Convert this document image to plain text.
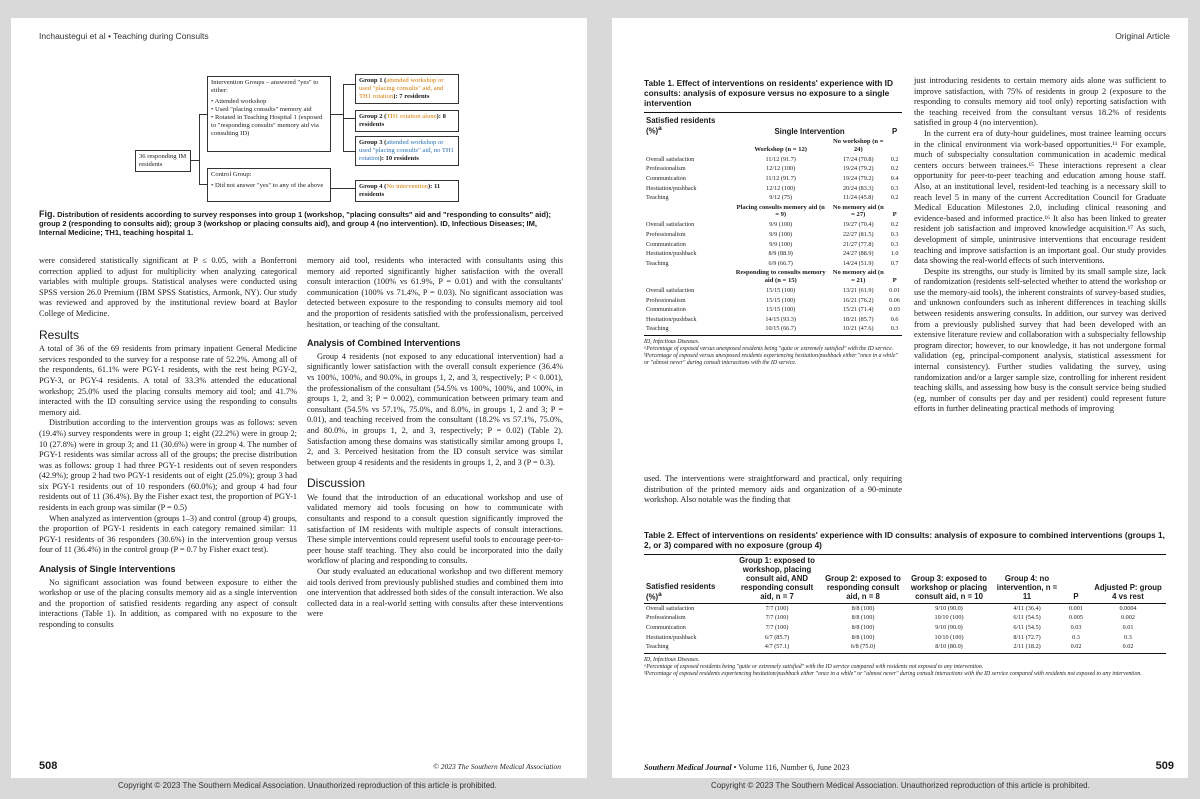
Inchaustegui et al • Teaching during Consults
36 responding IM residents
Intervention Groups – answered "yes" to either:
• Attended workshop
• Used "placing consults" memory aid
• Rotated in Teaching Hospital 1 (exposed to "responding consults" memory aid via consulting ID)
Control Group:
• Did not answer "yes" to any of the above
Group 1 (attended workshop or used "placing consults" aid, and TH1 rotation): 7 residents
Group 2 (TH1 rotation alone): 8 residents
Group 3 (attended workshop or used "placing consults" aid, no TH1 rotation): 10 residents
Group 4 (No intervention): 11 residents
Fig. Distribution of residents according to survey responses into group 1 (workshop, "placing consults" aid and "responding to consults" aid); group 2 (responding to consults aid); group 3 (workshop or placing consults aid), and group 4 (no intervention). ID, Infectious Diseases; IM, Internal Medicine; TH1, teaching hospital 1.

were considered statistically significant at P ≤ 0.05, with a Bonferroni correction applied to adjust for multiplicity when analyzing categorical variables with multiple groups. Statistical analyses were conducted using SPSS version 26.0 Premium (IBM SPSS Statistics, Armonk, NY). Our study was reviewed and approved by the institutional review board at Baylor College of Medicine.

Results

A total of 36 of the 69 residents from primary inpatient General Medicine services responded to the survey for a response rate of 52.2%. Among all of the respondents, 61.1% were PGY-1 residents, with the rest being PGY-2, PGY-3, or PGY-4 residents. A total of 33.3% attended the educational workshop; 25.0% used the placing consults memory aid tool; and 41.7% interacted with the ID consulting service using the responding to consults memory aid.

Distribution according to the intervention groups was as follows: seven (19.4%) survey respondents were in group 1; eight (22.2%) were in group 2; 10 (27.8%) were in group 3; and 11 (30.6%) were in group 4. The number of PGY-1 residents was similar across all of the groups; the precise distribution was as follows: group 1 had three PGY-1 residents out of seven responders (42.9%); group 2 had two PGY-1 residents out of eight (25.0%); group 3 had six PGY-1 residents out of 10 responders (60.0%); and group 4 had four residents out of 11 (36.4%). By the Fisher exact test, the proportion of PGY-1 residents in each group was similar (P = 0.5)

When analyzed as intervention (groups 1–3) and control (group 4) groups, the proportion of PGY-1 residents in each category remained similar: 11 PGY-1 residents of 36 responders (30.6%) in the intervention group versus four of 11 (36.4%) in the control group (P = 0.7 by Fisher exact test).

Analysis of Single Interventions

No significant association was found between exposure to either the workshop or use of the placing consults memory aid as a single intervention and the proportion of satisfied residents regarding any aspect of consult interactions (Table 1). In addition, as compared with no exposure to the responding to consults

memory aid tool, residents who interacted with consultants using this memory aid reported significantly higher satisfaction with the overall consult interaction (100% vs 61.9%, P = 0.01) and with the consultants' communication (100% vs 71.4%, P = 0.03). No significant association was detected between exposure to the responding to consults memory aid tool and the proportion of residents satisfied with the professionalism, perceived hesitation, or teaching of the consultant.

Analysis of Combined Interventions

Group 4 residents (not exposed to any educational intervention) had a significantly lower satisfaction with the overall consult experience (36.4% vs 100%, 100%, and 90.0%, in groups 1, 2, and 3, respectively; P < 0.001), the professionalism of the consultant (54.5% vs 100%, 100%, and 100%, in groups 1, 2, and 3; P = 0.002), communication between primary team and consultant (54.5% vs 57.1%, 75.0%, and 8.0%, in groups 1, 2 and 3; P = 0.01), and teaching received from the consultant (18.2% vs 57.1%, 75.0%, and 80.0%, in groups 1, 2, and 3, respectively; P = 0.02) (Table 2). Satisfaction among these domains was statistically similar among groups 1, 2, and 3. Perceived hesitation from the ID consult service was similar between group 4 residents and the residents in groups 1, 2, and 3 (P = 0.3).

Discussion

We found that the introduction of an educational workshop and use of validated memory aid tools focusing on how to communicate with consultants and respond to a consult question significantly improved the satisfaction of IM residents with multiple aspects of consult interactions. These simple interventions could represent useful tools to encourage peer-to-peer house staff teaching. They also could be incorporated into the daily workflow of placing and responding to consults.

Our study evaluated an educational workshop and two different memory aid tools derived from previously published studies and combined them into one intervention that addressed both sides of the consult interaction. We also collected data in a real-world setting with consults after these interventions were

508	© 2023 The Southern Medical Association
Copyright © 2023 The Southern Medical Association. Unauthorized reproduction of this article is prohibited.
Original Article
Table 1. Effect of interventions on residents' experience with ID consults: analysis of exposure versus no exposure to a single intervention
Satisfied residents (%)$^a$	Single Intervention		P
	Workshop (n = 12)	No workshop (n = 24)	
Overall satisfaction	11/12 (91.7)	17/24 (70.8)	0.2
Professionalism	12/12 (100)	19/24 (79.2)	0.2
Communication	11/12 (91.7)	19/24 (79.2)	0.4
Hesitation/pushback	12/12 (100)	20/24 (83.3)	0.3
Teaching	9/12 (75)	11/24 (45.8)	0.2
	Placing consults memory aid (n = 9)	No memory aid (n = 27)	P
Overall satisfaction	9/9 (100)	19/27 (70.4)	0.2
Professionalism	9/9 (100)	22/27 (81.5)	0.3
Communication	9/9 (100)	21/27 (77.8)	0.3
Hesitation/pushback	8/9 (88.9)	24/27 (88.9)	1.0
Teaching	6/9 (66.7)	14/24 (51.9)	0.7
	Responding to consults memory aid (n = 15)	No memory aid (n = 21)	P
Overall satisfaction	15/15 (100)	13/21 (61.9)	0.01
Professionalism	15/15 (100)	16/21 (76.2)	0.06
Communication	15/15 (100)	15/21 (71.4)	0.03
Hesitation/pushback	14/15 (93.3)	18/21 (85.7)	0.6
Teaching	10/15 (66.7)	10/21 (47.6)	0.3
ID, Infectious Diseases.
ᵃPercentage of exposed versus unexposed residents being "quite or extremely satisfied" with the ID service.
ᵇPercentage of exposed versus unexposed residents experiencing hesitation/pushback either "once in a while" or "almost never" during consult interactions with the ID service.

used. The interventions were straightforward and practical, only requiring distribution of the printed memory aids and organization of a 90-minute workshop. Also notable was the finding that

just introducing residents to certain memory aids alone was sufficient to improve satisfaction, with 75% of residents in group 2 (exposure to the responding to consults memory aid tool only) reporting satisfaction with the teaching received from the consultant versus 18.2% of residents satisfied in group 4 (no intervention).

In the current era of duty-hour guidelines, most trainee learning occurs in the clinical environment via work-based opportunities.¹¹ For example, much of subspecialty consultation communication in academic medical centers occurs between trainees.¹⁵ These interactions represent a clear opportunity for peer-to-peer teaching and education among house staff. Also, at an institutional level, resident-led teaching is a necessary skill to reach level 5 in many of the current Accreditation Council for Graduate Medical Education Milestones 2.0, including clinical reasoning and evidence-based and informed practice.¹⁶ It also has been linked to greater resident job satisfaction and improved knowledge acquisition.¹⁷ As such, development of simple, unintrusive interventions that encourage resident teaching and improve satisfaction is an important goal. Our study provides data showing the real-world effects of such interventions.

Despite its strengths, our study is limited by its small sample size, lack of randomization (residents self-selected whether to attend the workshop or use the memory-aid tools), the inherent constraints of survey-based studies, and unknown confounders such as inherent differences in teaching skills between residents answering consults. In addition, our survey was derived from a previously published survey that had been developed with an extensive literature review and collaboration with a subspecialty fellowship program director; however, to our knowledge, it has not undergone formal validation (eg, principal-component analysis, statistical assessment for internal consistency). Further studies validating the survey, using randomization and/or a larger sample size, controlling for inherent resident teaching skills, and assessing how busy is the consult service being studied (eg, number of consults per day and per resident) could represent future efforts in further delineating practical methods of improving

Table 2. Effect of interventions on residents' experience with ID consults: analysis of exposure to combined interventions (groups 1, 2, or 3) compared with no exposure (group 4)
Satisfied residents (%)$^a$	Group 1: exposed to workshop, placing consult aid, AND responding consult aid, n = 7	Group 2: exposed to responding consult aid, n = 8	Group 3: exposed to workshop or placing consult aid, n = 10	Group 4: no intervention, n = 11	P	Adjusted P: group 4 vs rest
Overall satisfaction	7/7 (100)	8/8 (100)	9/10 (90.0)	4/11 (36.4)	0.001	0.0004
Professionalism	7/7 (100)	8/8 (100)	10/10 (100)	6/11 (54.5)	0.005	0.002
Communication	7/7 (100)	8/8 (100)	9/10 (90.0)	6/11 (54.5)	0.03	0.01
Hesitation/pushback	6/7 (85.7)	8/8 (100)	10/10 (100)	8/11 (72.7)	0.3	0.3
Teaching	4/7 (57.1)	6/8 (75.0)	8/10 (80.0)	2/11 (18.2)	0.02	0.02
ID, Infectious Diseases.
ᵃPercentage of exposed residents being "quite or extremely satisfied" with the ID service compared with residents not exposed to any intervention.
ᵇPercentage of exposed residents experiencing hesitation/pushback either "once in a while" or "almost never" during consult interactions with the ID service compared with residents not exposed to any intervention.
Southern Medical Journal • Volume 116, Number 6, June 2023	509
Copyright © 2023 The Southern Medical Association. Unauthorized reproduction of this article is prohibited.
